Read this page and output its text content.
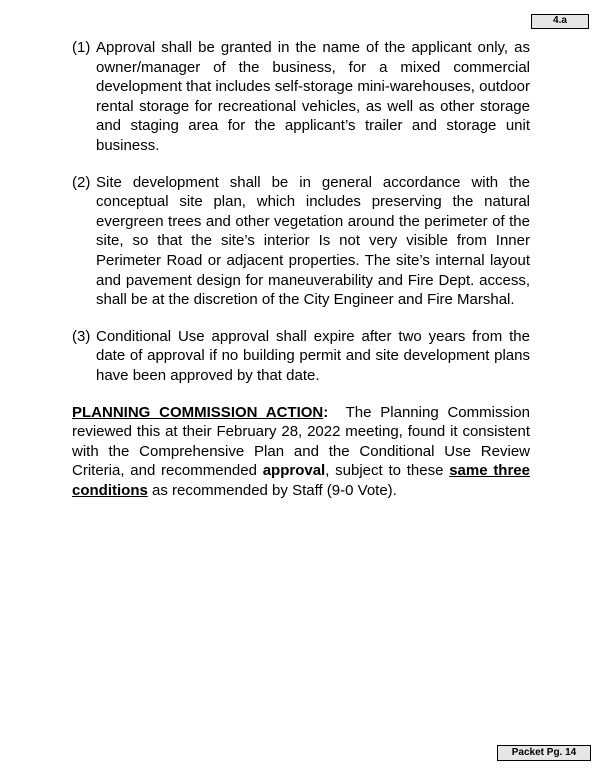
4.a
(1) Approval shall be granted in the name of the applicant only, as owner/manager of the business, for a mixed commercial development that includes self-storage mini-warehouses, outdoor rental storage for recreational vehicles, as well as other storage and staging area for the applicant’s trailer and storage unit business.
(2) Site development shall be in general accordance with the conceptual site plan, which includes preserving the natural evergreen trees and other vegetation around the perimeter of the site, so that the site’s interior Is not very visible from Inner Perimeter Road or adjacent properties. The site’s internal layout and pavement design for maneuverability and Fire Dept. access, shall be at the discretion of the City Engineer and Fire Marshal.
(3) Conditional Use approval shall expire after two years from the date of approval if no building permit and site development plans have been approved by that date.
PLANNING COMMISSION ACTION:  The Planning Commission reviewed this at their February 28, 2022 meeting, found it consistent with the Comprehensive Plan and the Conditional Use Review Criteria, and recommended approval, subject to these same three conditions as recommended by Staff (9-0 Vote).
Packet Pg. 14
